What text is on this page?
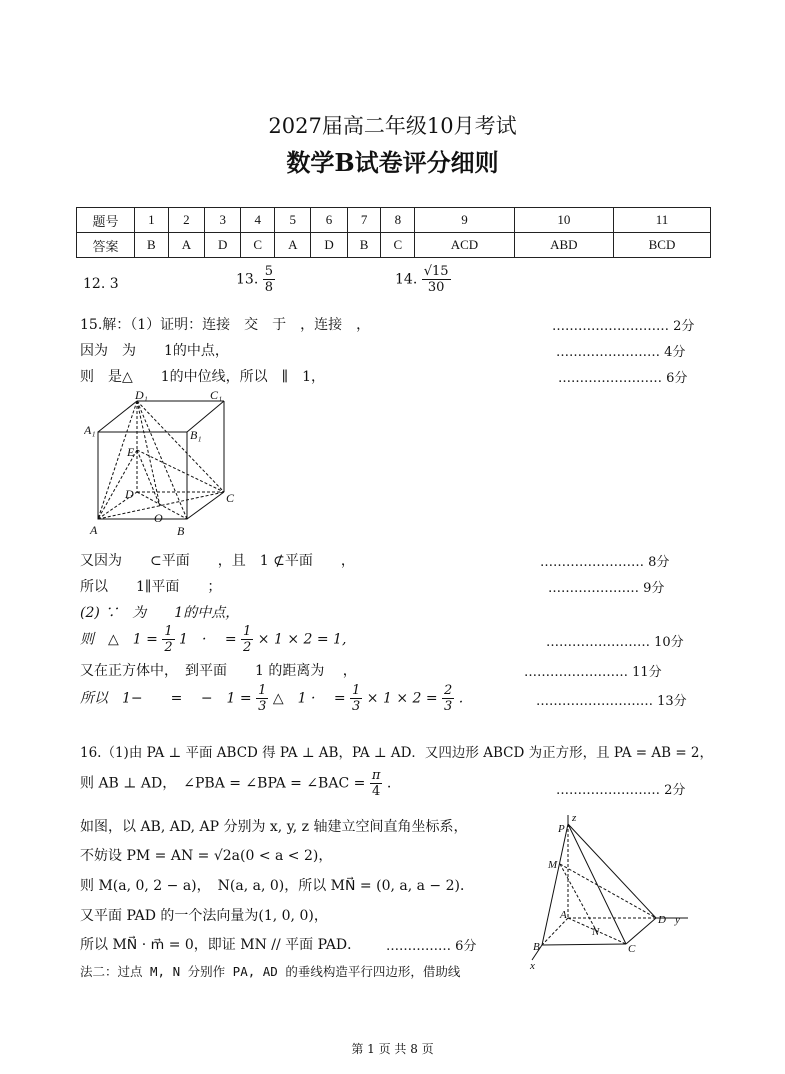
2027届高二年级10月考试
数学B试卷评分细则
题号	1	2	3	4	5	6	7	8	9	10	11
答案	B	A	D	C	A	D	B	C	ACD	ABD	BCD
12. 3	13. $\frac{5}{8}$	14. $\frac{√15}{30}$
15.解：（1）证明：连接　交　于　，连接　，	……………………… 2分
因为　为　　1的中点，	…………………… 4分
则　是△　　1的中位线，所以　∥　1，	…………………… 6分
D₁	C₁
A₁	B₁
E
D	C
O
A	B
又因为　　⊂平面　　，且　1 ⊄平面　　，	…………………… 8分
所以　　1∥平面　　；	………………… 9分
(2) ∵　为　　1的中点，
则　△　$1 = \frac{1}{2} 1$　·　 = $\frac{1}{2} \times 1 \times 2 = 1$,	…………………… 10分
又在正方体中，　到平面　　1 的距离为　 ，	…………………… 11分
所以　1−　　=　 −　$1 = \frac{1}{3}$ △　1 ·　 = $\frac{1}{3} \times 1 \times 2 = \frac{2}{3}$ .	……………………… 13分
16.（1)由 PA ⊥ 平面 ABCD 得 PA ⊥ AB，PA ⊥ AD．又四边形 ABCD 为正方形，且 PA = AB = 2，
则 AB ⊥ AD，　∠PBA = ∠BPA = ∠BAC = $\frac{\pi}{4}$ .	…………………… 2分
如图，以 AB, AD, AP 分别为 x, y, z 轴建立空间直角坐标系，
不妨设 PM = AN = √2a(0 < a < 2)，
则 M(a, 0, 2 − a)，　N(a, a, 0)，所以 MN⃗ = (0, a, a − 2)．
又平面 PAD 的一个法向量为(1, 0, 0)，
所以 MN⃗ · m⃗ = 0，即证 MN // 平面 PAD． …………… 6分
法二：过点 M, N 分别作 PA, AD 的垂线构造平行四边形，借助线
P
z
M
A	D y
N
B	C
x
第 1 页 共 8 页
